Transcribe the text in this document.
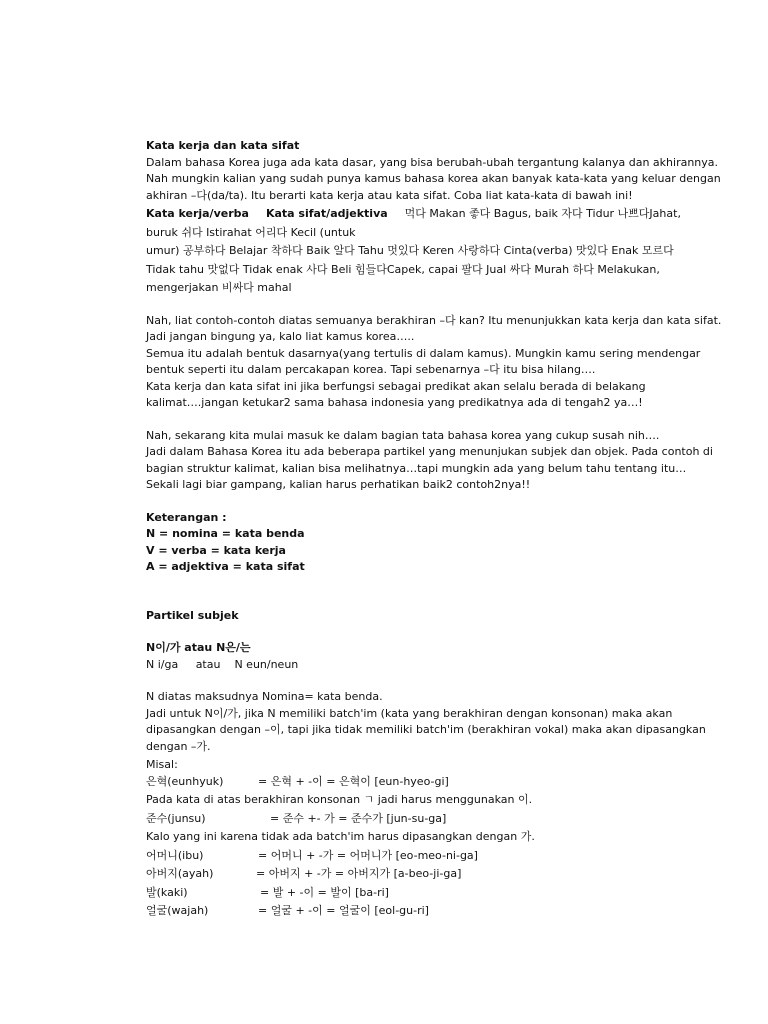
Kata kerja dan kata sifat
Dalam bahasa Korea juga ada kata dasar, yang bisa berubah-ubah tergantung kalanya dan akhirannya.
Nah mungkin kalian yang sudah punya kamus bahasa korea akan banyak kata-kata yang keluar dengan
akhiran –다(da/ta). Itu berarti kata kerja atau kata sifat. Coba liat kata-kata di bawah ini!
Kata kerja/verba Kata sifat/adjektiva 먹다 Makan 좋다 Bagus, baik 자다 Tidur 나쁘다Jahat,
buruk 쉬다 Istirahat 어리다 Kecil (untuk
umur) 공부하다 Belajar 착하다 Baik 알다 Tahu 멋있다 Keren 사랑하다 Cinta(verba) 맛있다 Enak 모르다
Tidak tahu 맛없다 Tidak enak 사다 Beli 힘들다Capek, capai 팔다 Jual 싸다 Murah 하다 Melakukan,
mengerjakan 비싸다 mahal
Nah, liat contoh-contoh diatas semuanya berakhiran –다 kan? Itu menunjukkan kata kerja dan kata sifat.
Jadi jangan bingung ya, kalo liat kamus korea…..
Semua itu adalah bentuk dasarnya(yang tertulis di dalam kamus). Mungkin kamu sering mendengar
bentuk seperti itu dalam percakapan korea. Tapi sebenarnya –다 itu bisa hilang….
Kata kerja dan kata sifat ini jika berfungsi sebagai predikat akan selalu berada di belakang
kalimat….jangan ketukar2 sama bahasa indonesia yang predikatnya ada di tengah2 ya…!
Nah, sekarang kita mulai masuk ke dalam bagian tata bahasa korea yang cukup susah nih….
Jadi dalam Bahasa Korea itu ada beberapa partikel yang menunjukan subjek dan objek. Pada contoh di
bagian struktur kalimat, kalian bisa melihatnya…tapi mungkin ada yang belum tahu tentang itu…
Sekali lagi biar gampang, kalian harus perhatikan baik2 contoh2nya!!
Keterangan :
N = nomina = kata benda
V = verba = kata kerja
A = adjektiva = kata sifat
Partikel subjek
N이/가 atau N은/는
N i/ga     atau    N eun/neun
N diatas maksudnya Nomina= kata benda.
Jadi untuk N이/가, jika N memiliki batch'im (kata yang berakhiran dengan konsonan) maka akan
dipasangkan dengan –이, tapi jika tidak memiliki batch'im (berakhiran vokal) maka akan dipasangkan
dengan –가.
Misal:
은혁(eunhyuk)	= 은혁 + -이 = 은혁이 [eun-hyeo-gi]
Pada kata di atas berakhiran konsonan ㄱ jadi harus menggunakan 이.
준수(junsu)	= 준수 +- 가 = 준수가 [jun-su-ga]
Kalo yang ini karena tidak ada batch'im harus dipasangkan dengan 가.
어머니(ibu)	= 어머니 + -가 = 어머니가 [eo-meo-ni-ga]
아버지(ayah)	= 아버지 + -가 = 아버지가 [a-beo-ji-ga]
발(kaki)	= 발 + -이 = 발이 [ba-ri]
얼굴(wajah)	= 얼굴 + -이 = 얼굴이 [eol-gu-ri]
